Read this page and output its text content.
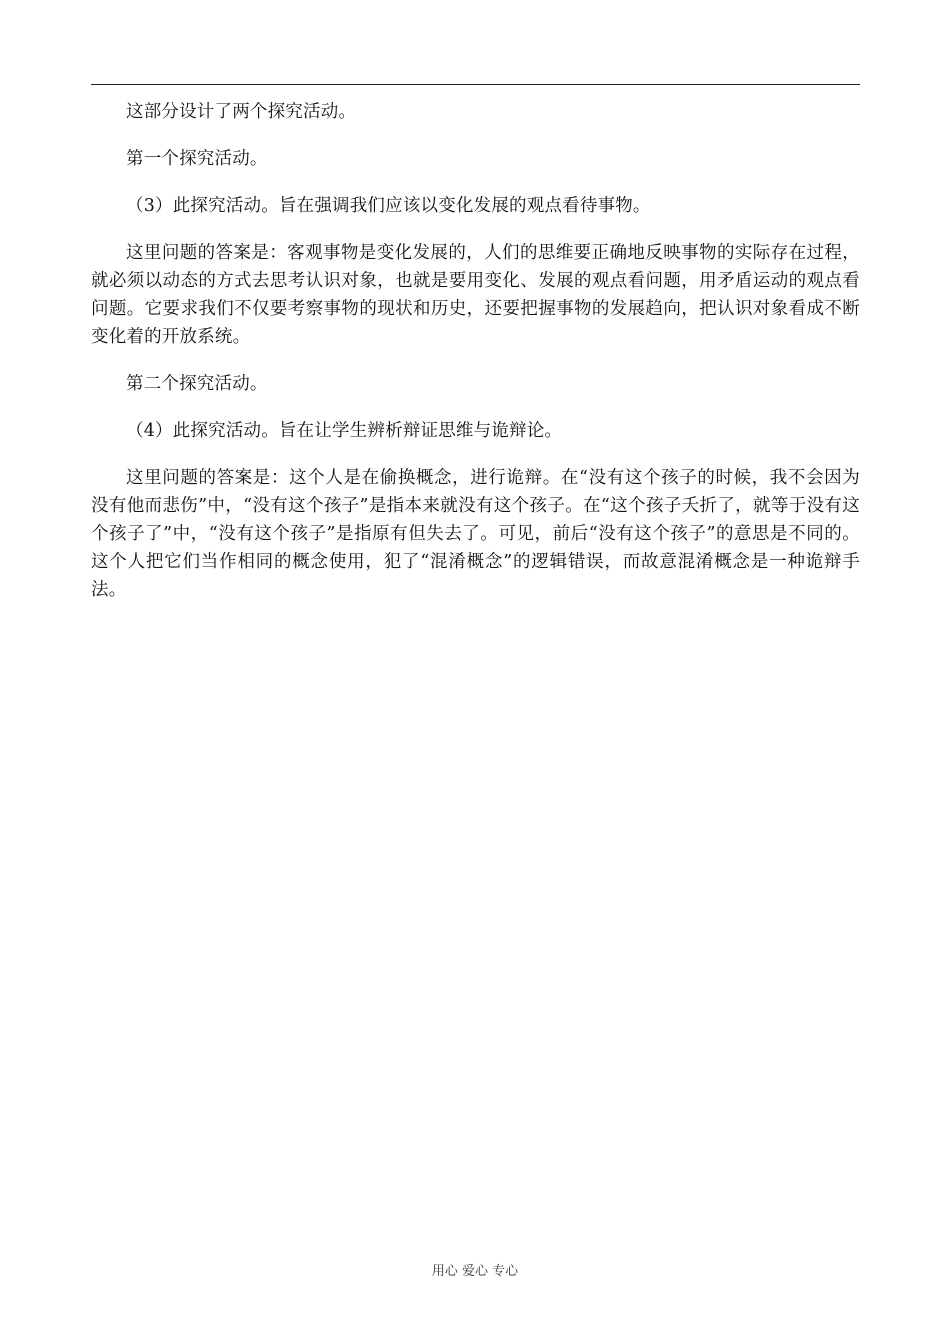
这部分设计了两个探究活动。

第一个探究活动。

（3）此探究活动。旨在强调我们应该以变化发展的观点看待事物。

这里问题的答案是：客观事物是变化发展的，人们的思维要正确地反映事物的实际存在过程，就必须以动态的方式去思考认识对象，也就是要用变化、发展的观点看问题，用矛盾运动的观点看问题。它要求我们不仅要考察事物的现状和历史，还要把握事物的发展趋向，把认识对象看成不断变化着的开放系统。

第二个探究活动。

（4）此探究活动。旨在让学生辨析辩证思维与诡辩论。

这里问题的答案是：这个人是在偷换概念，进行诡辩。在“没有这个孩子的时候，我不会因为没有他而悲伤”中，“没有这个孩子”是指本来就没有这个孩子。在“这个孩子夭折了，就等于没有这个孩子了”中，“没有这个孩子”是指原有但失去了。可见，前后“没有这个孩子”的意思是不同的。这个人把它们当作相同的概念使用，犯了“混淆概念”的逻辑错误，而故意混淆概念是一种诡辩手法。

用心 爱心 专心
